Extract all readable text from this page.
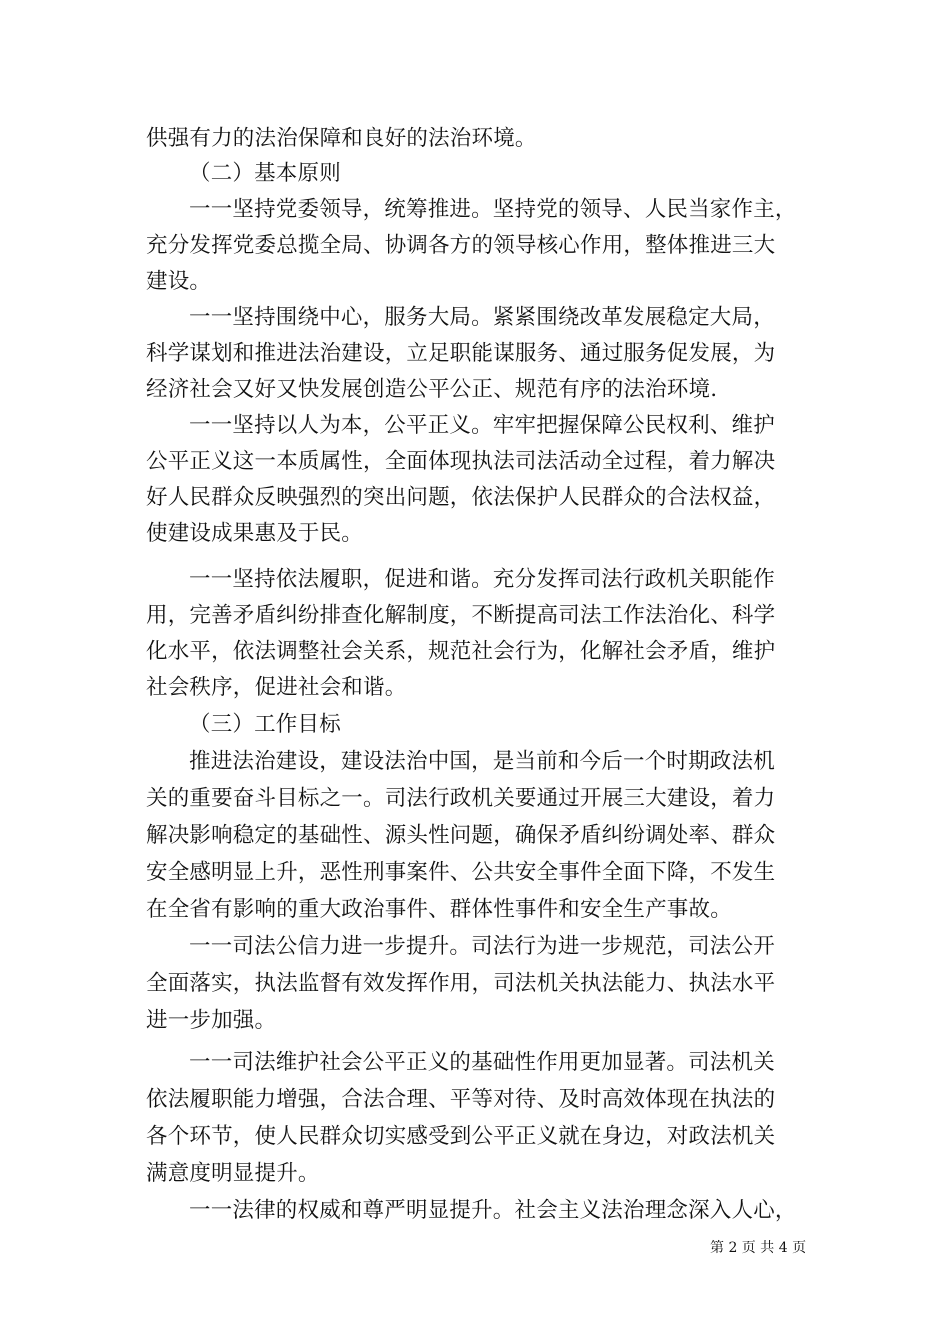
供强有力的法治保障和良好的法治环境。
（二）基本原则
一一坚持党委领导，统筹推进。坚持党的领导、人民当家作主，
充分发挥党委总揽全局、协调各方的领导核心作用，整体推进三大
建设。
一一坚持围绕中心，服务大局。紧紧围绕改革发展稳定大局，
科学谋划和推进法治建设，立足职能谋服务、通过服务促发展，为
经济社会又好又快发展创造公平公正、规范有序的法治环境.
一一坚持以人为本，公平正义。牢牢把握保障公民权利、维护
公平正义这一本质属性，全面体现执法司法活动全过程，着力解决
好人民群众反映强烈的突出问题，依法保护人民群众的合法权益，
使建设成果惠及于民。
一一坚持依法履职，促进和谐。充分发挥司法行政机关职能作
用，完善矛盾纠纷排查化解制度，不断提高司法工作法治化、科学
化水平，依法调整社会关系，规范社会行为，化解社会矛盾，维护
社会秩序，促进社会和谐。
（三）工作目标
推进法治建设，建设法治中国，是当前和今后一个时期政法机
关的重要奋斗目标之一。司法行政机关要通过开展三大建设，着力
解决影响稳定的基础性、源头性问题，确保矛盾纠纷调处率、群众
安全感明显上升，恶性刑事案件、公共安全事件全面下降，不发生
在全省有影响的重大政治事件、群体性事件和安全生产事故。
一一司法公信力进一步提升。司法行为进一步规范，司法公开
全面落实，执法监督有效发挥作用，司法机关执法能力、执法水平
进一步加强。
一一司法维护社会公平正义的基础性作用更加显著。司法机关
依法履职能力增强，合法合理、平等对待、及时高效体现在执法的
各个环节，使人民群众切实感受到公平正义就在身边，对政法机关
满意度明显提升。
一一法律的权威和尊严明显提升。社会主义法治理念深入人心，
第 2 页 共 4 页
